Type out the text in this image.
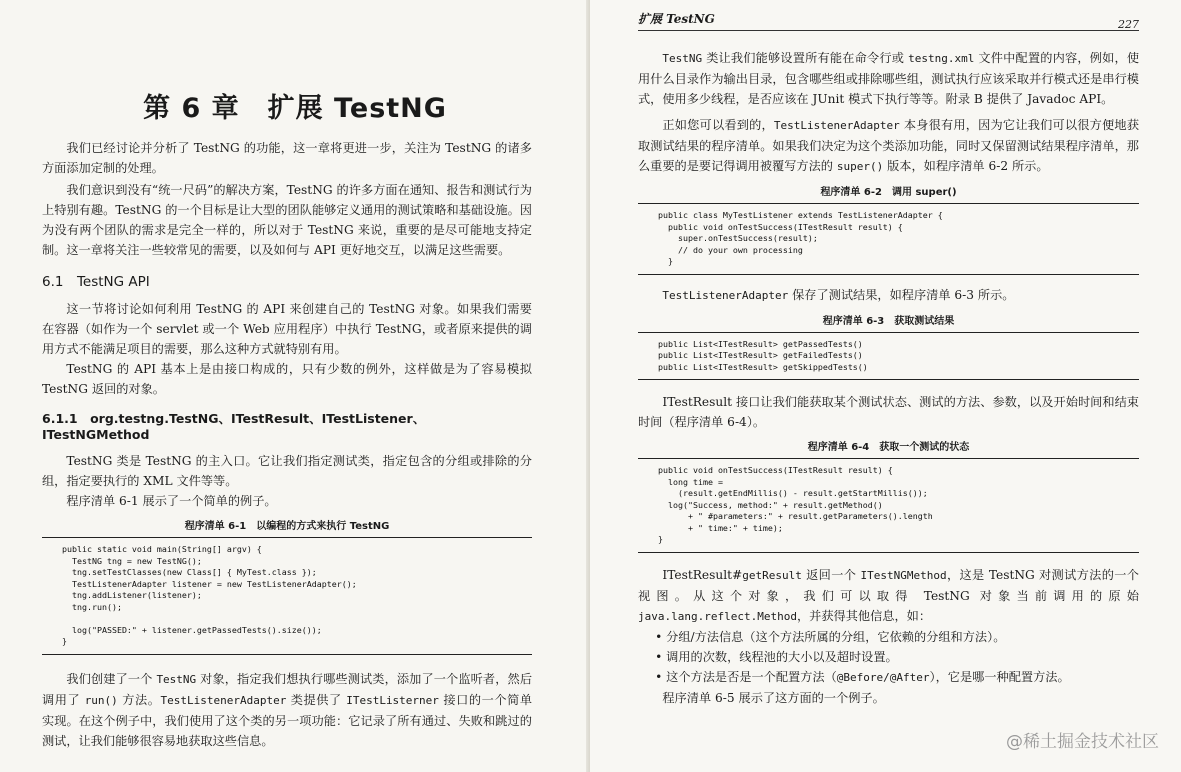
第 6 章　扩展 TestNG

我们已经讨论并分析了 TestNG 的功能，这一章将更进一步，关注为 TestNG 的诸多方面添加定制的处理。

我们意识到没有“统一尺码”的解决方案，TestNG 的许多方面在通知、报告和测试行为上特别有趣。TestNG 的一个目标是让大型的团队能够定义通用的测试策略和基础设施。因为没有两个团队的需求是完全一样的，所以对于 TestNG 来说，重要的是尽可能地支持定制。这一章将关注一些较常见的需要，以及如何与 API 更好地交互，以满足这些需要。

6.1　TestNG API

这一节将讨论如何利用 TestNG 的 API 来创建自己的 TestNG 对象。如果我们需要在容器（如作为一个 servlet 或一个 Web 应用程序）中执行 TestNG，或者原来提供的调用方式不能满足项目的需要，那么这种方式就特别有用。

TestNG 的 API 基本上是由接口构成的，只有少数的例外，这样做是为了容易模拟 TestNG 返回的对象。

6.1.1　org.testng.TestNG、ITestResult、ITestListener、ITestNGMethod

TestNG 类是 TestNG 的主入口。它让我们指定测试类，指定包含的分组或排除的分组，指定要执行的 XML 文件等等。

程序清单 6-1 展示了一个简单的例子。

程序清单 6-1　以编程的方式来执行 TestNG

public static void main(String[] argv) {
TestNG tng = new TestNG();
tng.setTestClasses(new Class[] { MyTest.class });
TestListenerAdapter listener = new TestListenerAdapter();
tng.addListener(listener);
tng.run();

log("PASSED:" + listener.getPassedTests().size());
}

我们创建了一个 TestNG 对象，指定我们想执行哪些测试类，添加了一个监听者，然后调用了 run() 方法。TestListenerAdapter 类提供了 ITestListerner 接口的一个简单实现。在这个例子中，我们使用了这个类的另一项功能：它记录了所有通过、失败和跳过的测试，让我们能够很容易地获取这些信息。

扩展 TestNG	227

TestNG 类让我们能够设置所有能在命令行或 testng.xml 文件中配置的内容，例如，使用什么目录作为输出目录，包含哪些组或排除哪些组，测试执行应该采取并行模式还是串行模式，使用多少线程，是否应该在 JUnit 模式下执行等等。附录 B 提供了 Javadoc API。

正如您可以看到的，TestListenerAdapter 本身很有用，因为它让我们可以很方便地获取测试结果的程序清单。如果我们决定为这个类添加功能，同时又保留测试结果程序清单，那么重要的是要记得调用被覆写方法的 super() 版本，如程序清单 6-2 所示。

程序清单 6-2　调用 super()

public class MyTestListener extends TestListenerAdapter {
public void onTestSuccess(ITestResult result) {
super.onTestSuccess(result);
// do your own processing
}

TestListenerAdapter 保存了测试结果，如程序清单 6-3 所示。

程序清单 6-3　获取测试结果

public List<ITestResult> getPassedTests()
public List<ITestResult> getFailedTests()
public List<ITestResult> getSkippedTests()

ITestResult 接口让我们能获取某个测试状态、测试的方法、参数，以及开始时间和结束时间（程序清单 6-4）。

程序清单 6-4　获取一个测试的状态

public void onTestSuccess(ITestResult result) {
long time =
(result.getEndMillis() - result.getStartMillis());
log("Success, method:" + result.getMethod()
+ " #parameters:" + result.getParameters().length
+ " time:" + time);
}

ITestResult#getResult 返回一个 ITestNGMethod，这是 TestNG 对测试方法的一个视图。从这个对象，我们可以取得 TestNG 对象当前调用的原始 java.lang.reflect.Method，并获得其他信息，如：

• 分组/方法信息（这个方法所属的分组，它依赖的分组和方法）。

• 调用的次数，线程池的大小以及超时设置。

• 这个方法是否是一个配置方法（@Before/@After），它是哪一种配置方法。

程序清单 6-5 展示了这方面的一个例子。

@稀土掘金技术社区
